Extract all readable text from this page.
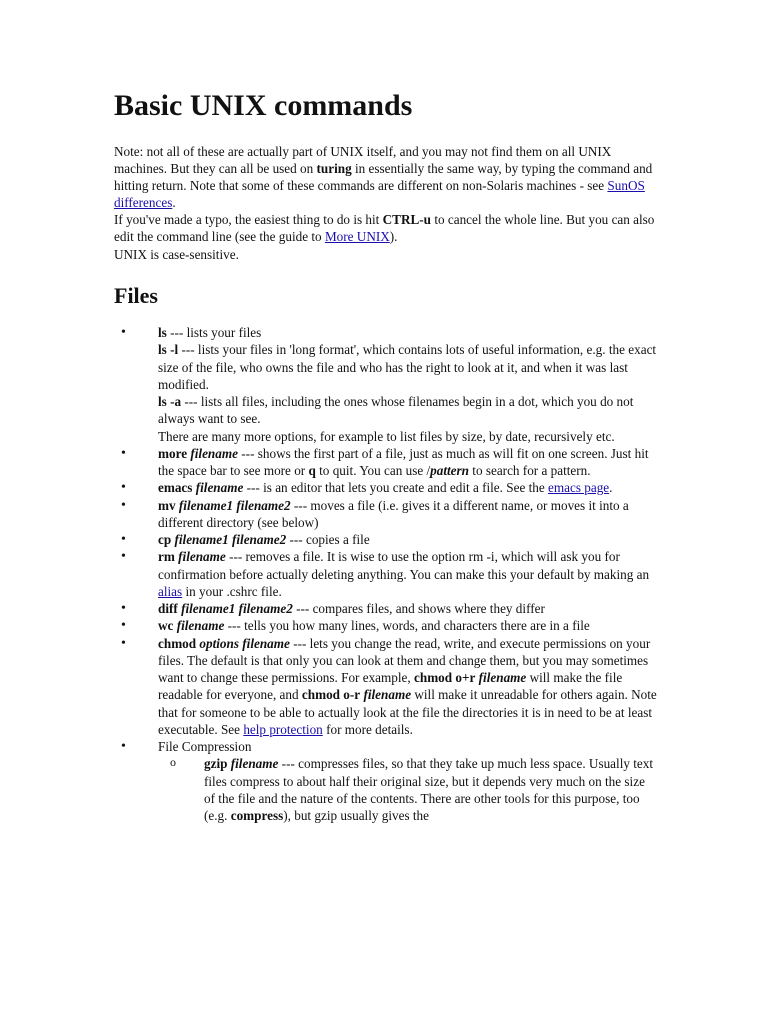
Basic UNIX commands

Note: not all of these are actually part of UNIX itself, and you may not find them on all UNIX machines. But they can all be used on turing in essentially the same way, by typing the command and hitting return. Note that some of these commands are different on non-Solaris machines - see SunOS differences.

If you've made a typo, the easiest thing to do is hit CTRL-u to cancel the whole line. But you can also edit the command line (see the guide to More UNIX).

UNIX is case-sensitive.

Files
• ls --- lists your files
ls -l --- lists your files in 'long format', which contains lots of useful information, e.g. the exact size of the file, who owns the file and who has the right to look at it, and when it was last modified.
ls -a --- lists all files, including the ones whose filenames begin in a dot, which you do not always want to see.
There are many more options, for example to list files by size, by date, recursively etc.
• more filename --- shows the first part of a file, just as much as will fit on one screen. Just hit the space bar to see more or q to quit. You can use /pattern to search for a pattern.
• emacs filename --- is an editor that lets you create and edit a file. See the emacs page.
• mv filename1 filename2 --- moves a file (i.e. gives it a different name, or moves it into a different directory (see below)
• cp filename1 filename2 --- copies a file
• rm filename --- removes a file. It is wise to use the option rm -i, which will ask you for confirmation before actually deleting anything. You can make this your default by making an alias in your .cshrc file.
• diff filename1 filename2 --- compares files, and shows where they differ
• wc filename --- tells you how many lines, words, and characters there are in a file
• chmod options filename --- lets you change the read, write, and execute permissions on your files. The default is that only you can look at them and change them, but you may sometimes want to change these permissions. For example, chmod o+r filename will make the file readable for everyone, and chmod o-r filename will make it unreadable for others again. Note that for someone to be able to actually look at the file the directories it is in need to be at least executable. See help protection for more details.
• File Compression
o gzip filename --- compresses files, so that they take up much less space. Usually text files compress to about half their original size, but it depends very much on the size of the file and the nature of the contents. There are other tools for this purpose, too (e.g. compress), but gzip usually gives the
